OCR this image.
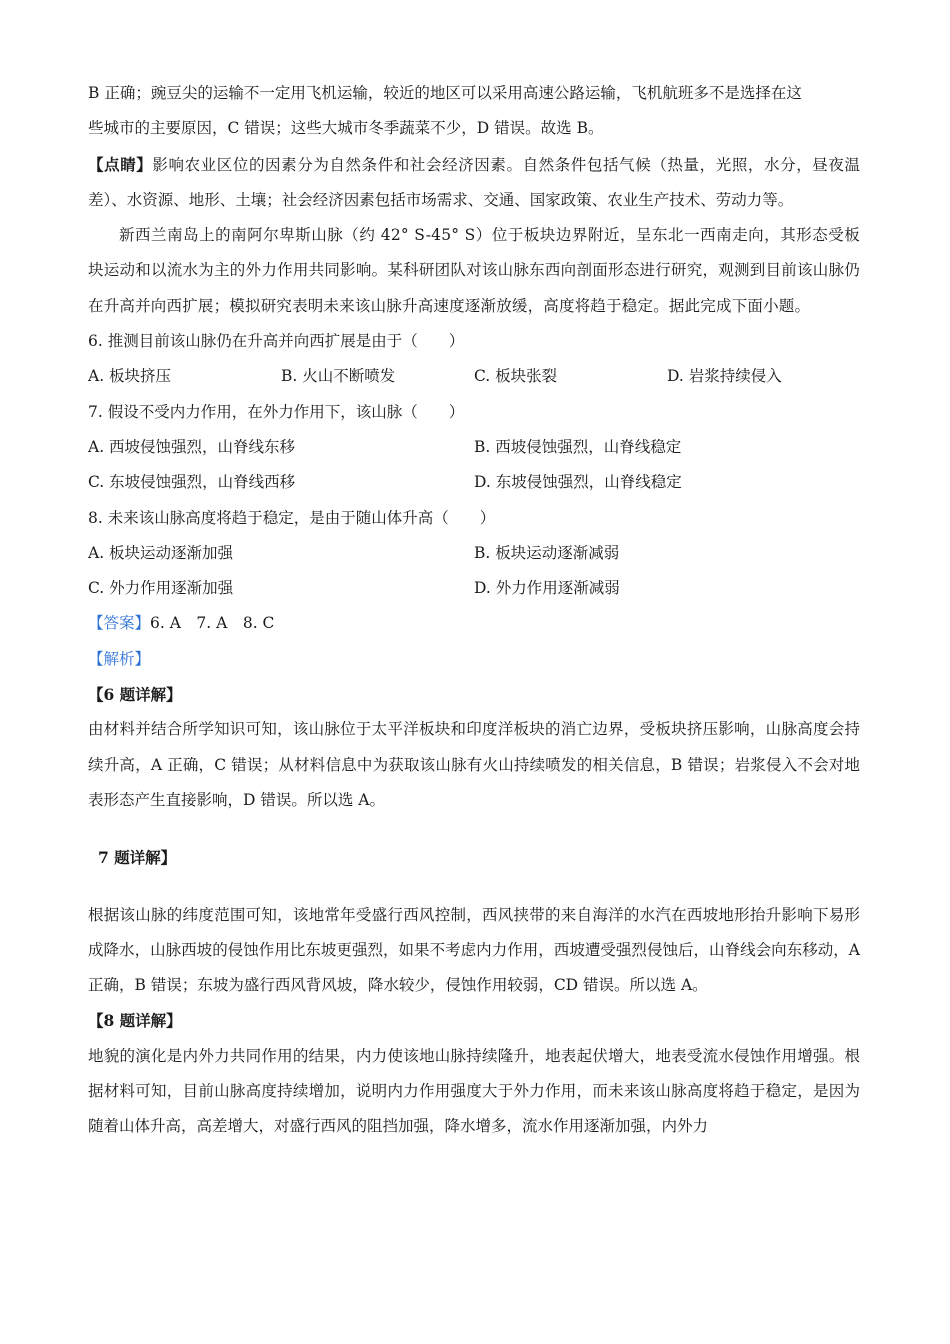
B 正确；豌豆尖的运输不一定用飞机运输，较近的地区可以采用高速公路运输，飞机航班多不是选择在这

些城市的主要原因，C 错误；这些大城市冬季蔬菜不少，D 错误。故选 B。

【点睛】影响农业区位的因素分为自然条件和社会经济因素。自然条件包括气候（热量，光照，水分，昼夜温差）、水资源、地形、土壤；社会经济因素包括市场需求、交通、国家政策、农业生产技术、劳动力等。

新西兰南岛上的南阿尔卑斯山脉（约 42° S-45° S）位于板块边界附近，呈东北一西南走向，其形态受板块运动和以流水为主的外力作用共同影响。某科研团队对该山脉东西向剖面形态进行研究，观测到目前该山脉仍在升高并向西扩展；模拟研究表明未来该山脉升高速度逐渐放缓，高度将趋于稳定。据此完成下面小题。

6. 推测目前该山脉仍在升高并向西扩展是由于（　　）

A. 板块挤压	B. 火山不断喷发	C. 板块张裂	D. 岩浆持续侵入

7. 假设不受内力作用，在外力作用下，该山脉（　　）

A. 西坡侵蚀强烈，山脊线东移	B. 西坡侵蚀强烈，山脊线稳定
C. 东坡侵蚀强烈，山脊线西移	D. 东坡侵蚀强烈，山脊线稳定

8. 未来该山脉高度将趋于稳定，是由于随山体升高（　　）

A. 板块运动逐渐加强	B. 板块运动逐渐减弱
C. 外力作用逐渐加强	D. 外力作用逐渐减弱

【答案】6. A　7. A　8. C

【解析】

【6 题详解】

由材料并结合所学知识可知，该山脉位于太平洋板块和印度洋板块的消亡边界，受板块挤压影响，山脉高度会持续升高，A 正确，C 错误；从材料信息中为获取该山脉有火山持续喷发的相关信息，B 错误；岩浆侵入不会对地表形态产生直接影响，D 错误。所以选 A。

7 题详解】

根据该山脉的纬度范围可知，该地常年受盛行西风控制，西风挟带的来自海洋的水汽在西坡地形抬升影响下易形成降水，山脉西坡的侵蚀作用比东坡更强烈，如果不考虑内力作用，西坡遭受强烈侵蚀后，山脊线会向东移动，A 正确，B 错误；东坡为盛行西风背风坡，降水较少，侵蚀作用较弱，CD 错误。所以选 A。

【8 题详解】

地貌的演化是内外力共同作用的结果，内力使该地山脉持续隆升，地表起伏增大，地表受流水侵蚀作用增强。根据材料可知，目前山脉高度持续增加，说明内力作用强度大于外力作用，而未来该山脉高度将趋于稳定，是因为随着山体升高，高差增大，对盛行西风的阻挡加强，降水增多，流水作用逐渐加强，内外力
